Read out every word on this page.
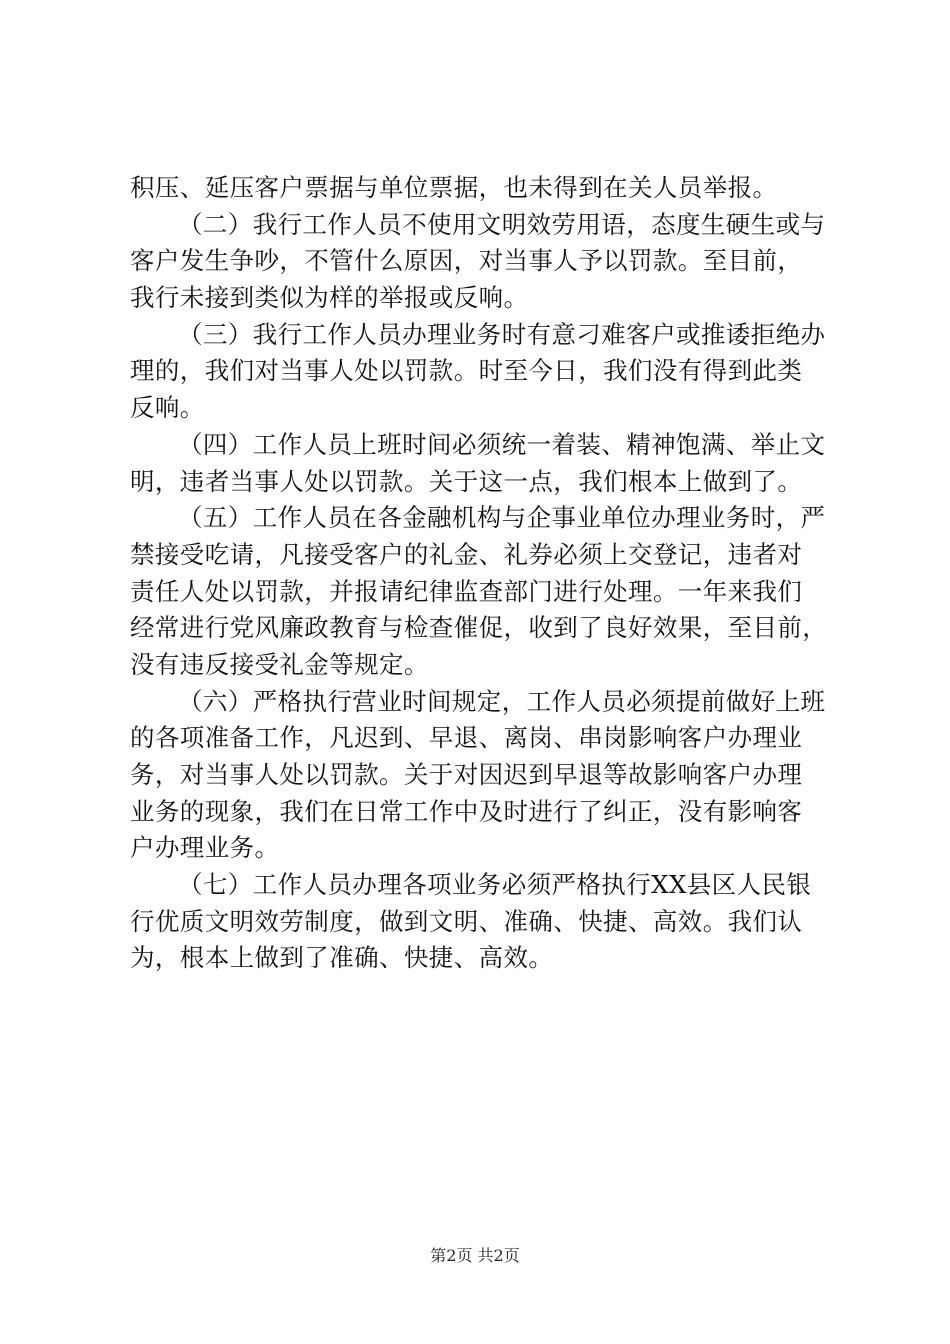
积压、延压客户票据与单位票据，也未得到在关人员举报。
（二）我行工作人员不使用文明效劳用语，态度生硬生或与
客户发生争吵，不管什么原因，对当事人予以罚款。至目前，
我行未接到类似为样的举报或反响。
（三）我行工作人员办理业务时有意刁难客户或推诿拒绝办
理的，我们对当事人处以罚款。时至今日，我们没有得到此类
反响。
（四）工作人员上班时间必须统一着装、精神饱满、举止文
明，违者当事人处以罚款。关于这一点，我们根本上做到了。
（五）工作人员在各金融机构与企事业单位办理业务时，严
禁接受吃请，凡接受客户的礼金、礼券必须上交登记，违者对
责任人处以罚款，并报请纪律监查部门进行处理。一年来我们
经常进行党风廉政教育与检查催促，收到了良好效果，至目前，
没有违反接受礼金等规定。
（六）严格执行营业时间规定，工作人员必须提前做好上班
的各项准备工作，凡迟到、早退、离岗、串岗影响客户办理业
务，对当事人处以罚款。关于对因迟到早退等故影响客户办理
业务的现象，我们在日常工作中及时进行了纠正，没有影响客
户办理业务。
（七）工作人员办理各项业务必须严格执行XX县区人民银
行优质文明效劳制度，做到文明、准确、快捷、高效。我们认
为，根本上做到了准确、快捷、高效。
第2页 共2页
